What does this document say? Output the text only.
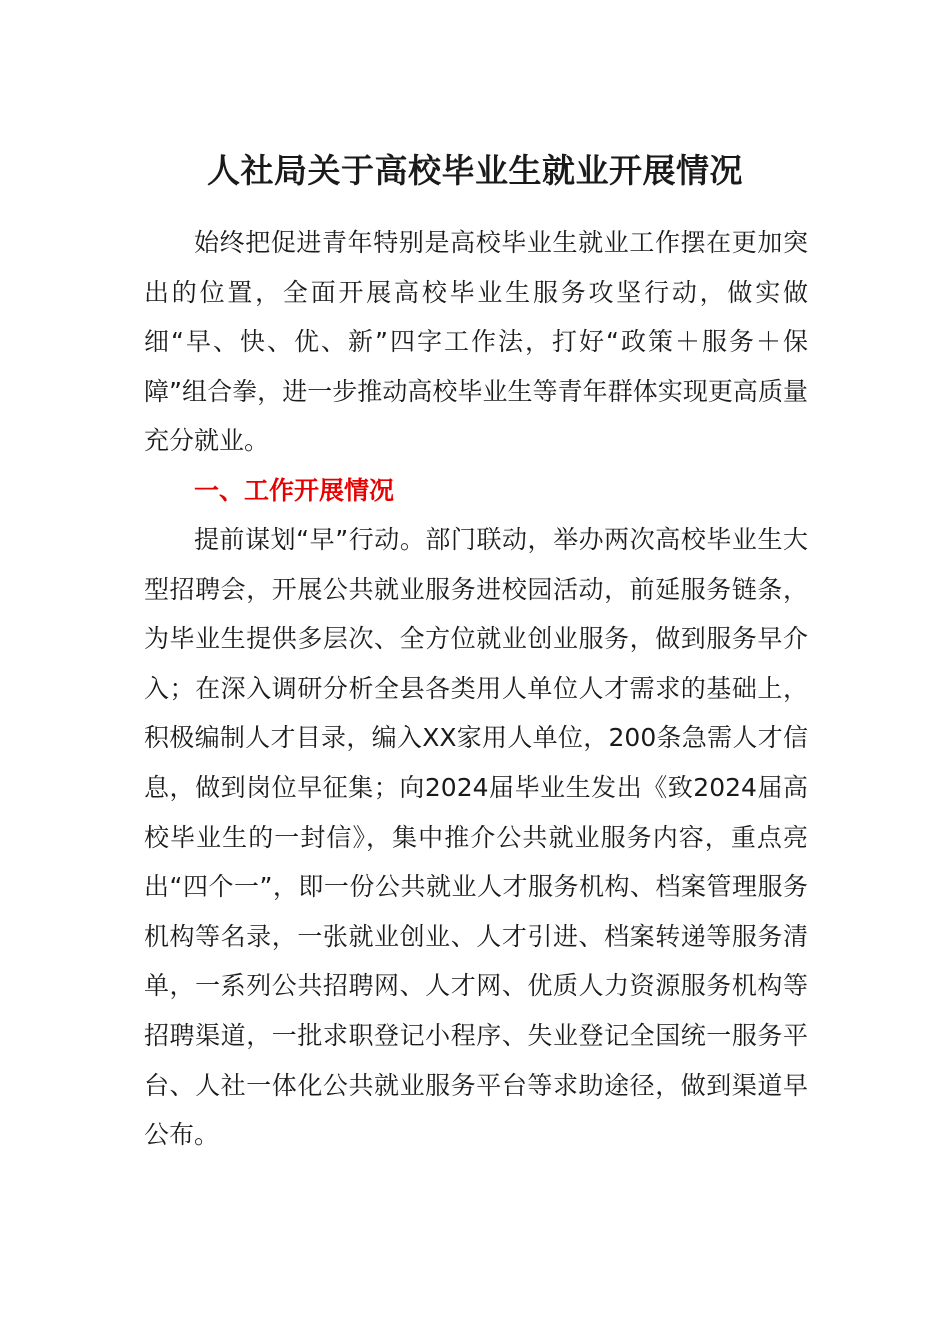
人社局关于高校毕业生就业开展情况

始终把促进青年特别是高校毕业生就业工作摆在更加突出的位置，全面开展高校毕业生服务攻坚行动，做实做细“早、快、优、新”四字工作法，打好“政策＋服务＋保障”组合拳，进一步推动高校毕业生等青年群体实现更高质量充分就业。

一、工作开展情况

提前谋划“早”行动。部门联动，举办两次高校毕业生大型招聘会，开展公共就业服务进校园活动，前延服务链条，为毕业生提供多层次、全方位就业创业服务，做到服务早介入；在深入调研分析全县各类用人单位人才需求的基础上，积极编制人才目录，编入XX家用人单位，200条急需人才信息，做到岗位早征集；向2024届毕业生发出《致2024届高校毕业生的一封信》，集中推介公共就业服务内容，重点亮出“四个一”，即一份公共就业人才服务机构、档案管理服务机构等名录，一张就业创业、人才引进、档案转递等服务清单，一系列公共招聘网、人才网、优质人力资源服务机构等招聘渠道，一批求职登记小程序、失业登记全国统一服务平台、人社一体化公共就业服务平台等求助途径，做到渠道早公布。
